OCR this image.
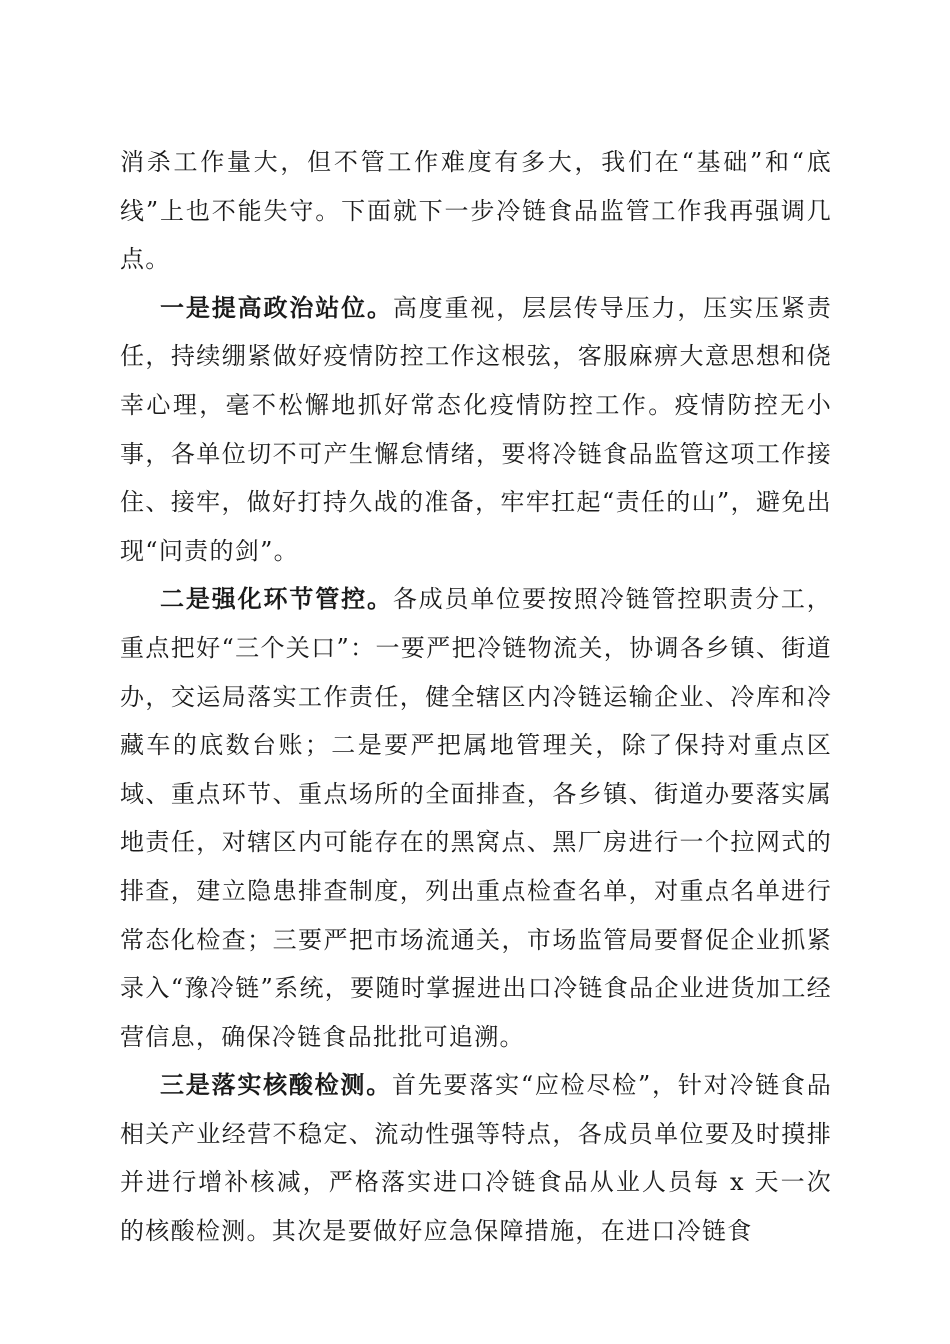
消杀工作量大，但不管工作难度有多大，我们在“基础”和“底线”上也不能失守。下面就下一步冷链食品监管工作我再强调几点。

一是提高政治站位。高度重视，层层传导压力，压实压紧责任，持续绷紧做好疫情防控工作这根弦，客服麻痹大意思想和侥幸心理，毫不松懈地抓好常态化疫情防控工作。疫情防控无小事，各单位切不可产生懈怠情绪，要将冷链食品监管这项工作接住、接牢，做好打持久战的准备，牢牢扛起“责任的山”，避免出现“问责的剑”。

二是强化环节管控。各成员单位要按照冷链管控职责分工，重点把好“三个关口”：一要严把冷链物流关，协调各乡镇、街道办，交运局落实工作责任，健全辖区内冷链运输企业、冷库和冷藏车的底数台账；二是要严把属地管理关，除了保持对重点区域、重点环节、重点场所的全面排查，各乡镇、街道办要落实属地责任，对辖区内可能存在的黑窝点、黑厂房进行一个拉网式的排查，建立隐患排查制度，列出重点检查名单，对重点名单进行常态化检查；三要严把市场流通关，市场监管局要督促企业抓紧录入“豫冷链”系统，要随时掌握进出口冷链食品企业进货加工经营信息，确保冷链食品批批可追溯。

三是落实核酸检测。首先要落实“应检尽检”，针对冷链食品相关产业经营不稳定、流动性强等特点，各成员单位要及时摸排并进行增补核减，严格落实进口冷链食品从业人员每 x 天一次的核酸检测。其次是要做好应急保障措施，在进口冷链食
